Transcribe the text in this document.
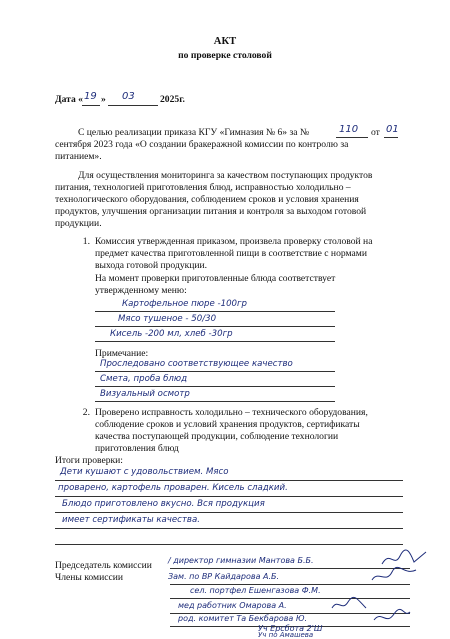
АКТ
по проверке столовой
Дата « 19 » 03	2025г.
С целью реализации приказа КГУ «Гимназия № 6» за №	110 от 01
сентября 2023 года «О создании бракеражной комиссии по контролю за
питанием».
Для осуществления мониторинга за качеством поступающих продуктов
питания, технологией приготовления блюд, исправностью холодильно –
технологического оборудования, соблюдением сроков и условия хранения
продуктов, улучшения организации питания и контроля за выходом готовой
продукции.
1. Комиссия утвержденная приказом, произвела проверку столовой на
предмет качества приготовленной пищи в соответствие с нормами
выхода готовой продукции.
На момент проверки приготовленные блюда соответствует
утвержденному меню:
Картофельное пюре -100гр
Мясо тушеное - 50/30
Кисель -200 мл, хлеб -30гр
Примечание:
Проследовано соответствующее качество
Смета, проба блюд
Визуальный осмотр
2. Проверено исправность холодильно – технического оборудования,
соблюдение сроков и условий хранения продуктов, сертификаты
качества поступающей продукции, соблюдение технологии
приготовления блюд
Итоги проверки:
Дети кушают с удовольствием. Мясо
проварено, картофель проварен. Кисель сладкий.
Блюдо приготовлено вкусно. Вся продукция
имеет сертификаты качества.
Председатель комиссии
Члены комиссии
/ директор гимназии Мантова Б.Б.
Зам. по ВР Кайдарова А.Б.
сел. портфел Ешенгазова Ф.М.
мед работник Омарова А.
род. комитет Та Бекбарова Ю.
Уч Ерсбота 2'Ш
Уч по Амашева
